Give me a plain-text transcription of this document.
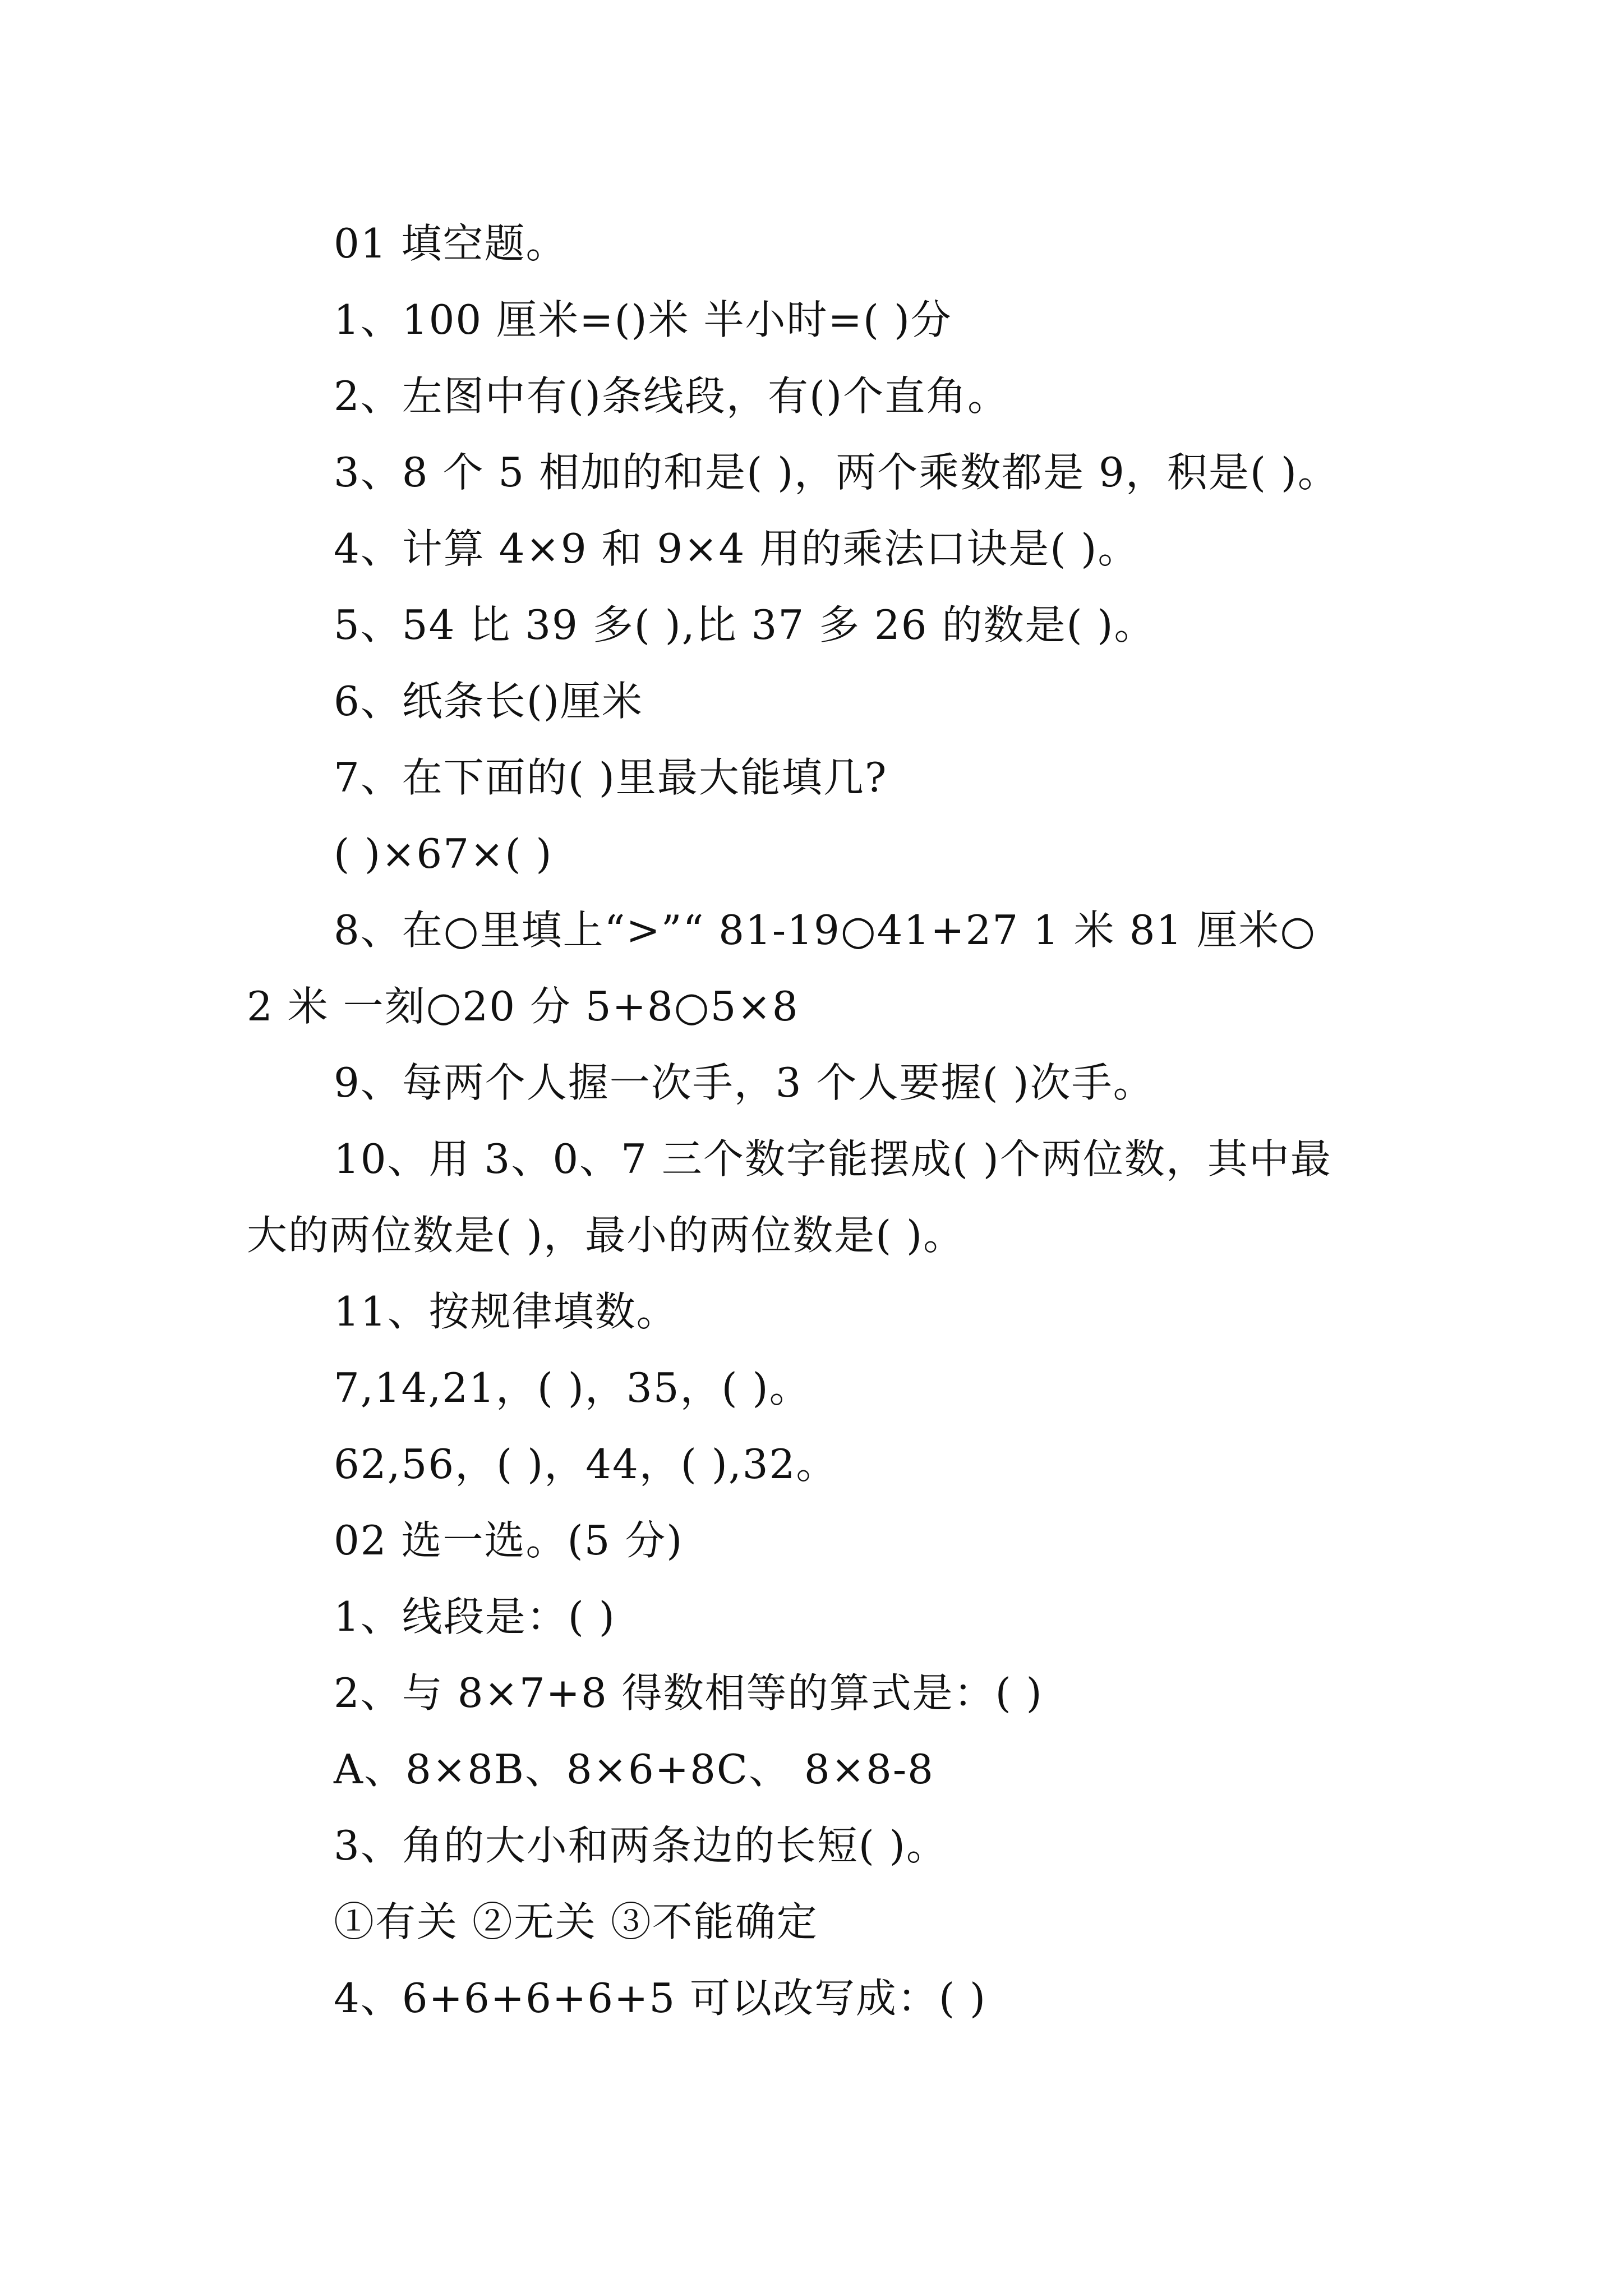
01 填空题。
1、100 厘米=()米 半小时=( )分
2、左图中有()条线段，有()个直角。
3、8 个 5 相加的和是( )，两个乘数都是 9，积是( )。
4、计算 4×9 和 9×4 用的乘法口诀是( )。
5、54 比 39 多( ),比 37 多 26 的数是( )。
6、纸条长()厘米
7、在下面的( )里最大能填几?
( )×67×( )
8、在○里填上“>”“ 81-19○41+27 1 米 81 厘米○
2 米 一刻○20 分 5+8○5×8
9、每两个人握一次手，3 个人要握( )次手。
10、用 3、0、7 三个数字能摆成( )个两位数，其中最
大的两位数是( )，最小的两位数是( )。
11、按规律填数。
7,14,21，( )，35，( )。
62,56，( )，44，( ),32。
02 选一选。(5 分)
1、线段是：( )
2、与 8×7+8 得数相等的算式是：( )
A、8×8B、8×6+8C、 8×8-8
3、角的大小和两条边的长短( )。
①有关 ②无关 ③不能确定
4、6+6+6+6+5 可以改写成：( )
